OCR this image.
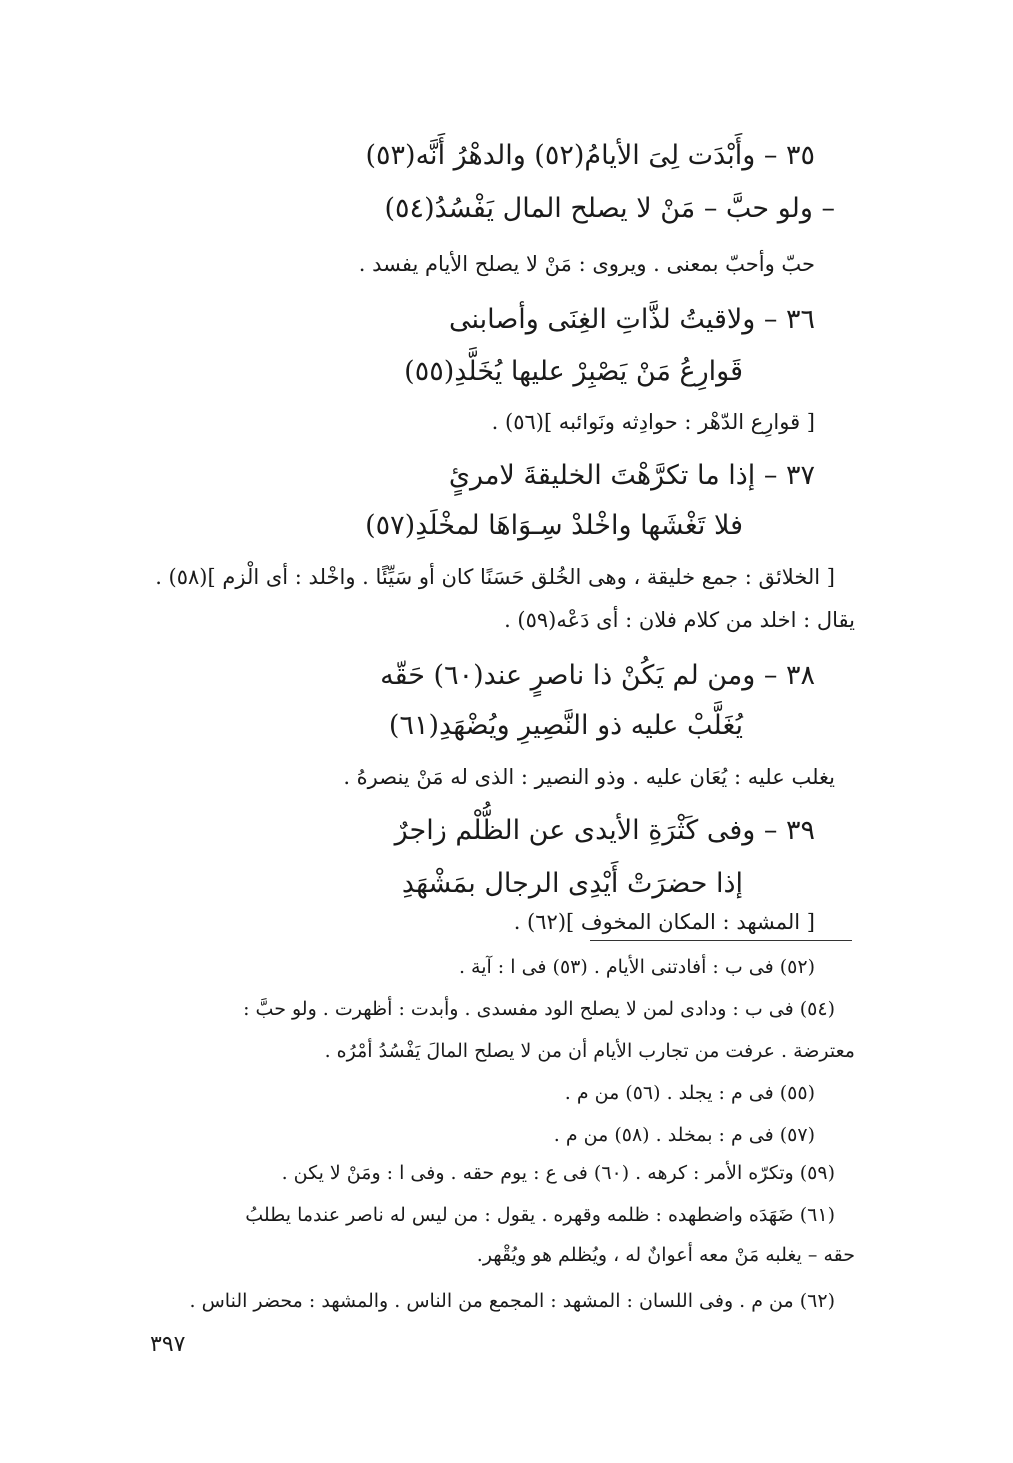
٣٥ – وأَبْدَت لِىَ الأيامُ(٥٢) والدهْرُ أَنَّه(٥٣)
– ولو حبَّ – مَنْ لا يصلح المال يَفْسُدُ(٥٤)
حبّ وأحبّ بمعنى . ويروى : مَنْ لا يصلح الأيام يفسد .
٣٦ – ولاقيتُ لذَّاتِ الغِنَى وأصابنى
قَوارِعُ مَنْ يَصْبِرْ عليها يُخَلَّدِ(٥٥)
[ قوارِع الدّهْر : حوادِثه ونَوائبه ](٥٦) .
٣٧ – إذا ما تكرَّهْتَ الخليقةَ لامرئٍ
فلا تَغْشَها واخْلدْ سِـوَاهَا لمخْلَدِ(٥٧)
[ الخلائق : جمع خليقة ، وهى الخُلق حَسَنًا كان أو سَيِّئًا . واخْلد : أى الْزم ](٥٨) .
يقال : اخلد من كلام فلان : أى دَعْه(٥٩) .
٣٨ – ومن لم يَكُنْ ذا ناصرٍ عند(٦٠) حَقّه
يُغَلَّبْ عليه ذو النَّصِيرِ ويُضْهَدِ(٦١)
يغلب عليه : يُعَان عليه . وذو النصير : الذى له مَنْ ينصرهُ .
٣٩ – وفى كَثْرَةِ الأيدى عن الظُّلْم زاجرٌ
إذا حضرَتْ أَيْدِى الرجال بمَشْهَدِ
[ المشهد : المكان المخوف ](٦٢) .
(٥٢) فى ب : أفادتنى الأيام . (٥٣) فى ا : آية .
(٥٤) فى ب : ودادى لمن لا يصلح الود مفسدى . وأبدت : أظهرت . ولو حبَّ :
معترضة . عرفت من تجارب الأيام أن من لا يصلح المالَ يَفْسُدُ أمْرُه .
(٥٥) فى م : يجلد . (٥٦) من م .
(٥٧) فى م : بمخلد . (٥٨) من م .
(٥٩) وتكرّه الأمر : كرهه . (٦٠) فى ع : يوم حقه . وفى ا : ومَنْ لا يكن .
(٦١) ضَهَدَه واضطهده : ظلمه وقهره . يقول : من ليس له ناصر عندما يطلبُ
حقه – يغلبه مَنْ معه أعوانٌ له ، ويُظلم هو ويُقْهر.
(٦٢) من م . وفى اللسان : المشهد : المجمع من الناس . والمشهد : محضر الناس .
٣٩٧
